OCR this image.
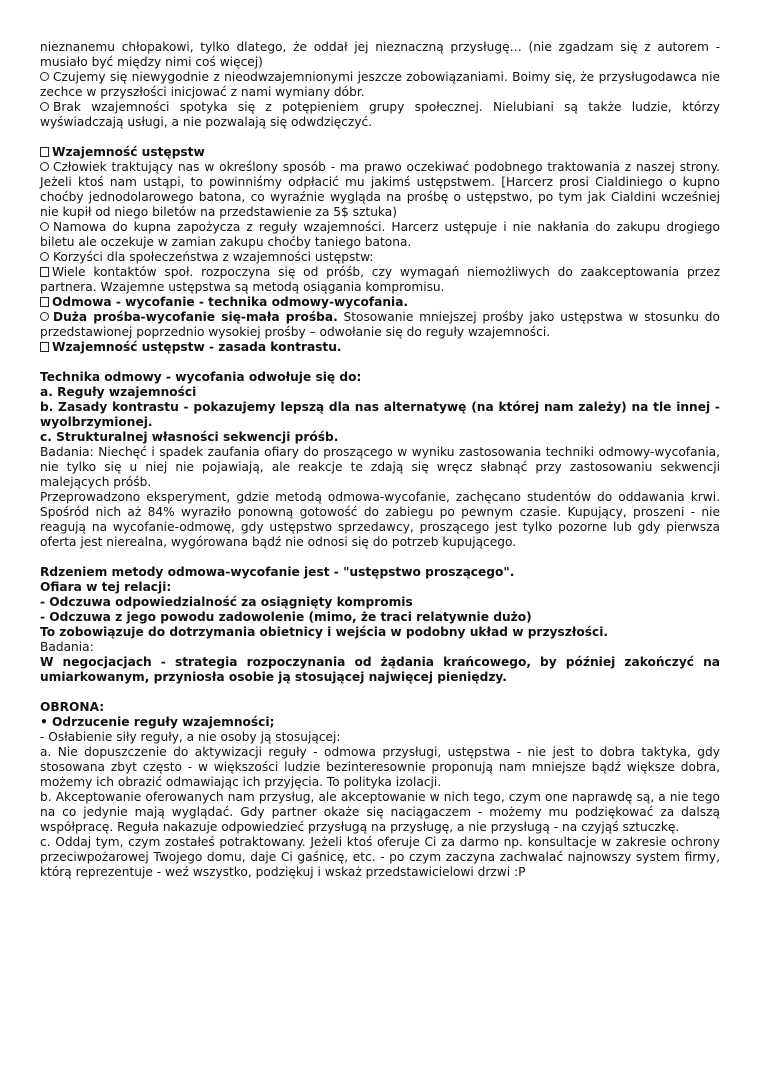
nieznanemu chłopakowi, tylko dlatego, że oddał jej nieznaczną przysługę… (nie zgadzam się z autorem - musiało być między nimi coś więcej)

Czujemy się niewygodnie z nieodwzajemnionymi jeszcze zobowiązaniami. Boimy się, że przysługodawca nie zechce w przyszłości inicjować z nami wymiany dóbr.

Brak wzajemności spotyka się z potępieniem grupy społecznej. Nielubiani są także ludzie, którzy wyświadczają usługi, a nie pozwalają się odwdzięczyć.

Wzajemność ustępstw

Człowiek traktujący nas w określony sposób - ma prawo oczekiwać podobnego traktowania z naszej strony. Jeżeli ktoś nam ustąpi, to powinniśmy odpłacić mu jakimś ustępstwem. [Harcerz prosi Cialdiniego o kupno choćby jednodolarowego batona, co wyraźnie wygląda na prośbę o ustępstwo, po tym jak Cialdini wcześniej nie kupił od niego biletów na przedstawienie za 5$ sztuka)

Namowa do kupna zapożycza z reguły wzajemności. Harcerz ustępuje i nie nakłania do zakupu drogiego biletu ale oczekuje w zamian zakupu choćby taniego batona.

Korzyści dla społeczeństwa z wzajemności ustępstw:

Wiele kontaktów społ. rozpoczyna się od próśb, czy wymagań niemożliwych do zaakceptowania przez partnera. Wzajemne ustępstwa są metodą osiągania kompromisu.

Odmowa - wycofanie - technika odmowy-wycofania.

Duża prośba-wycofanie się-mała prośba. Stosowanie mniejszej prośby jako ustępstwa w stosunku do przedstawionej poprzednio wysokiej prośby – odwołanie się do reguły wzajemności.

Wzajemność ustępstw - zasada kontrastu.

Technika odmowy - wycofania odwołuje się do:

a. Reguły wzajemności

b. Zasady kontrastu - pokazujemy lepszą dla nas alternatywę (na której nam zależy) na tle innej - wyolbrzymionej.

c. Strukturalnej własności sekwencji próśb.

Badania: Niechęć i spadek zaufania ofiary do proszącego w wyniku zastosowania techniki odmowy-wycofania, nie tylko się u niej nie pojawiają, ale reakcje te zdają się wręcz słabnąć przy zastosowaniu sekwencji malejących próśb.

Przeprowadzono eksperyment, gdzie metodą odmowa-wycofanie, zachęcano studentów do oddawania krwi. Spośród nich aż 84% wyraziło ponowną gotowość do zabiegu po pewnym czasie. Kupujący, proszeni - nie reagują na wycofanie-odmowę, gdy ustępstwo sprzedawcy, proszącego jest tylko pozorne lub gdy pierwsza oferta jest nierealna, wygórowana bądź nie odnosi się do potrzeb kupującego.

Rdzeniem metody odmowa-wycofanie jest - "ustępstwo proszącego".

Ofiara w tej relacji:

- Odczuwa odpowiedzialność za osiągnięty kompromis

- Odczuwa z jego powodu zadowolenie (mimo, że traci relatywnie dużo)

To zobowiązuje do dotrzymania obietnicy i wejścia w podobny układ w przyszłości.

Badania:

W negocjacjach - strategia rozpoczynania od żądania krańcowego, by później zakończyć na umiarkowanym, przyniosła osobie ją stosującej najwięcej pieniędzy.

OBRONA:

• Odrzucenie reguły wzajemności;

- Osłabienie siły reguły, a nie osoby ją stosującej:

a. Nie dopuszczenie do aktywizacji reguły - odmowa przysługi, ustępstwa - nie jest to dobra taktyka, gdy stosowana zbyt często - w większości ludzie bezinteresownie proponują nam mniejsze bądź większe dobra, możemy ich obrazić odmawiając ich przyjęcia. To polityka izolacji.

b. Akceptowanie oferowanych nam przysług, ale akceptowanie w nich tego, czym one naprawdę są, a nie tego na co jedynie mają wyglądać. Gdy partner okaże się naciągaczem - możemy mu podziękować za dalszą współpracę. Reguła nakazuje odpowiedzieć przysługą na przysługę, a nie przysługą - na czyjąś sztuczkę.

c. Oddaj tym, czym zostałeś potraktowany. Jeżeli ktoś oferuje Ci za darmo np. konsultacje w zakresie ochrony przeciwpożarowej Twojego domu, daje Ci gaśnicę, etc. - po czym zaczyna zachwalać najnowszy system firmy, którą reprezentuje - weź wszystko, podziękuj i wskaż przedstawicielowi drzwi :P
